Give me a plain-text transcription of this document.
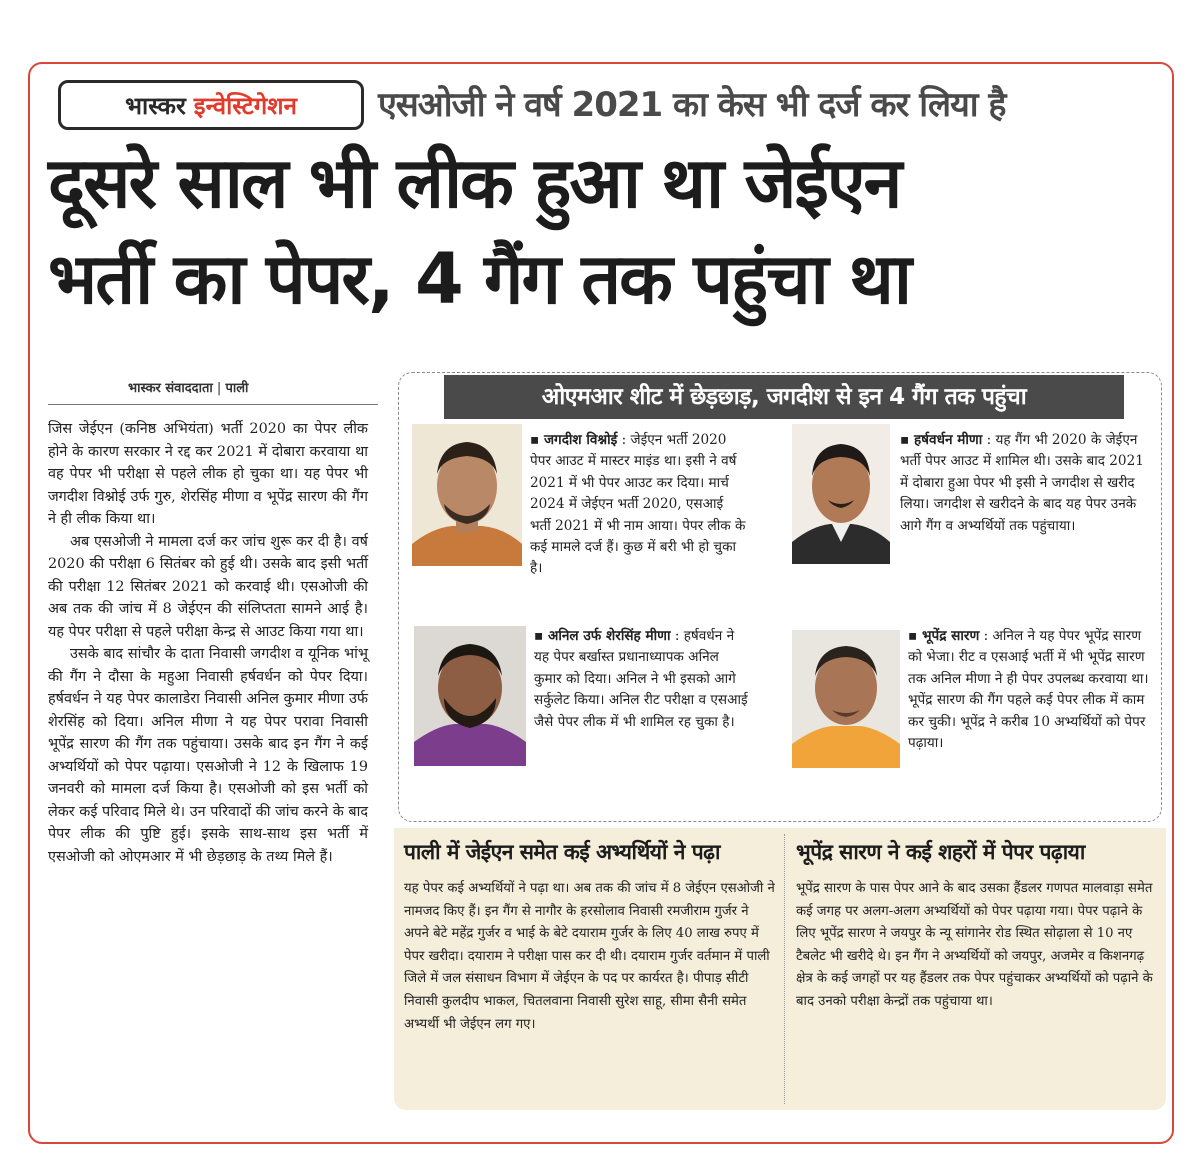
भास्कर इन्वेस्टिगेशन एसओजी ने वर्ष 2021 का केस भी दर्ज कर लिया है
दूसरे साल भी लीक हुआ था जेईएन
भर्ती का पेपर, 4 गैंग तक पहुंचा था
भास्कर संवाददाता | पाली

जिस जेईएन (कनिष्ठ अभियंता) भर्ती 2020 का पेपर लीक होने के कारण सरकार ने रद्द कर 2021 में दोबारा करवाया था वह पेपर भी परीक्षा से पहले लीक हो चुका था। यह पेपर भी जगदीश विश्नोई उर्फ गुरु, शेरसिंह मीणा व भूपेंद्र सारण की गैंग ने ही लीक किया था।

अब एसओजी ने मामला दर्ज कर जांच शुरू कर दी है। वर्ष 2020 की परीक्षा 6 सितंबर को हुई थी। उसके बाद इसी भर्ती की परीक्षा 12 सितंबर 2021 को करवाई थी। एसओजी की अब तक की जांच में 8 जेईएन की संलिप्तता सामने आई है। यह पेपर परीक्षा से पहले परीक्षा केन्द्र से आउट किया गया था।

उसके बाद सांचौर के दाता निवासी जगदीश व यूनिक भांभू की गैंग ने दौसा के महुआ निवासी हर्षवर्धन को पेपर दिया। हर्षवर्धन ने यह पेपर कालाडेरा निवासी अनिल कुमार मीणा उर्फ शेरसिंह को दिया। अनिल मीणा ने यह पेपर परावा निवासी भूपेंद्र सारण की गैंग तक पहुंचाया। उसके बाद इन गैंग ने कई अभ्यर्थियों को पेपर पढ़ाया। एसओजी ने 12 के खिलाफ 19 जनवरी को मामला दर्ज किया है। एसओजी को इस भर्ती को लेकर कई परिवाद मिले थे। उन परिवादों की जांच करने के बाद पेपर लीक की पुष्टि हुई। इसके साथ-साथ इस भर्ती में एसओजी को ओएमआर में भी छेड़छाड़ के तथ्य मिले हैं।

ओएमआर शीट में छेड़छाड़, जगदीश से इन 4 गैंग तक पहुंचा
▪ जगदीश विश्नोई : जेईएन भर्ती 2020 पेपर आउट में मास्टर माइंड था। इसी ने वर्ष 2021 में भी पेपर आउट कर दिया। मार्च 2024 में जेईएन भर्ती 2020, एसआई भर्ती 2021 में भी नाम आया। पेपर लीक के कई मामले दर्ज हैं। कुछ में बरी भी हो चुका है।
▪ हर्षवर्धन मीणा : यह गैंग भी 2020 के जेईएन भर्ती पेपर आउट में शामिल थी। उसके बाद 2021 में दोबारा हुआ पेपर भी इसी ने जगदीश से खरीद लिया। जगदीश से खरीदने के बाद यह पेपर उनके आगे गैंग व अभ्यर्थियों तक पहुंचाया।
▪ अनिल उर्फ शेरसिंह मीणा : हर्षवर्धन ने यह पेपर बर्खास्त प्रधानाध्यापक अनिल कुमार को दिया। अनिल ने भी इसको आगे सर्कुलेट किया। अनिल रीट परीक्षा व एसआई जैसे पेपर लीक में भी शामिल रह चुका है।
▪ भूपेंद्र सारण : अनिल ने यह पेपर भूपेंद्र सारण को भेजा। रीट व एसआई भर्ती में भी भूपेंद्र सारण तक अनिल मीणा ने ही पेपर उपलब्ध करवाया था। भूपेंद्र सारण की गैंग पहले कई पेपर लीक में काम कर चुकी। भूपेंद्र ने करीब 10 अभ्यर्थियों को पेपर पढ़ाया।
पाली में जेईएन समेत कई अभ्यर्थियों ने पढ़ा
यह पेपर कई अभ्यर्थियों ने पढ़ा था। अब तक की जांच में 8 जेईएन एसओजी ने नामजद किए हैं। इन गैंग से नागौर के हरसोलाव निवासी रमजीराम गुर्जर ने अपने बेटे महेंद्र गुर्जर व भाई के बेटे दयाराम गुर्जर के लिए 40 लाख रुपए में पेपर खरीदा। दयाराम ने परीक्षा पास कर दी थी। दयाराम गुर्जर वर्तमान में पाली जिले में जल संसाधन विभाग में जेईएन के पद पर कार्यरत है। पीपाड़ सीटी निवासी कुलदीप भाकल, चितलवाना निवासी सुरेश साहू, सीमा सैनी समेत अभ्यर्थी भी जेईएन लग गए।
भूपेंद्र सारण ने कई शहरों में पेपर पढ़ाया
भूपेंद्र सारण के पास पेपर आने के बाद उसका हैंडलर गणपत मालवाड़ा समेत कई जगह पर अलग-अलग अभ्यर्थियों को पेपर पढ़ाया गया। पेपर पढ़ाने के लिए भूपेंद्र सारण ने जयपुर के न्यू सांगानेर रोड स्थित सोढ़ाला से 10 नए टैबलेट भी खरीदे थे। इन गैंग ने अभ्यर्थियों को जयपुर, अजमेर व किशनगढ़ क्षेत्र के कई जगहों पर यह हैंडलर तक पेपर पहुंचाकर अभ्यर्थियों को पढ़ाने के बाद उनको परीक्षा केन्द्रों तक पहुंचाया था।
